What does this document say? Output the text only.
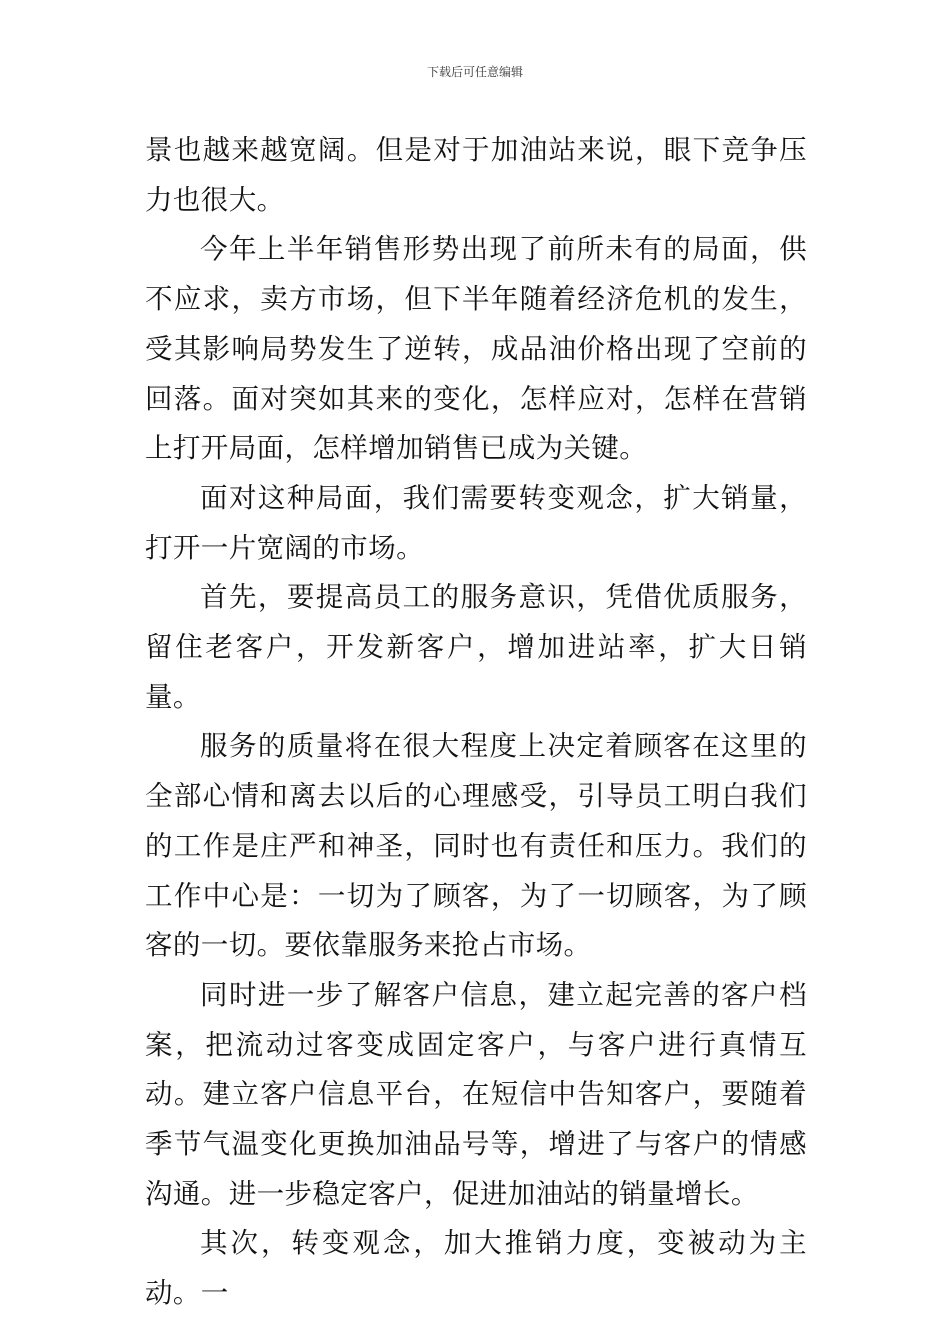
下载后可任意编辑

景也越来越宽阔。但是对于加油站来说，眼下竞争压力也很大。

今年上半年销售形势出现了前所未有的局面，供不应求，卖方市场，但下半年随着经济危机的发生，受其影响局势发生了逆转，成品油价格出现了空前的回落。面对突如其来的变化，怎样应对，怎样在营销上打开局面，怎样增加销售已成为关键。

面对这种局面，我们需要转变观念，扩大销量，打开一片宽阔的市场。

首先，要提高员工的服务意识，凭借优质服务，留住老客户，开发新客户，增加进站率，扩大日销量。

服务的质量将在很大程度上决定着顾客在这里的全部心情和离去以后的心理感受，引导员工明白我们的工作是庄严和神圣，同时也有责任和压力。我们的工作中心是：一切为了顾客，为了一切顾客，为了顾客的一切。要依靠服务来抢占市场。

同时进一步了解客户信息，建立起完善的客户档案，把流动过客变成固定客户，与客户进行真情互动。建立客户信息平台，在短信中告知客户，要随着季节气温变化更换加油品号等，增进了与客户的情感沟通。进一步稳定客户，促进加油站的销量增长。

其次，转变观念，加大推销力度，变被动为主动。一
